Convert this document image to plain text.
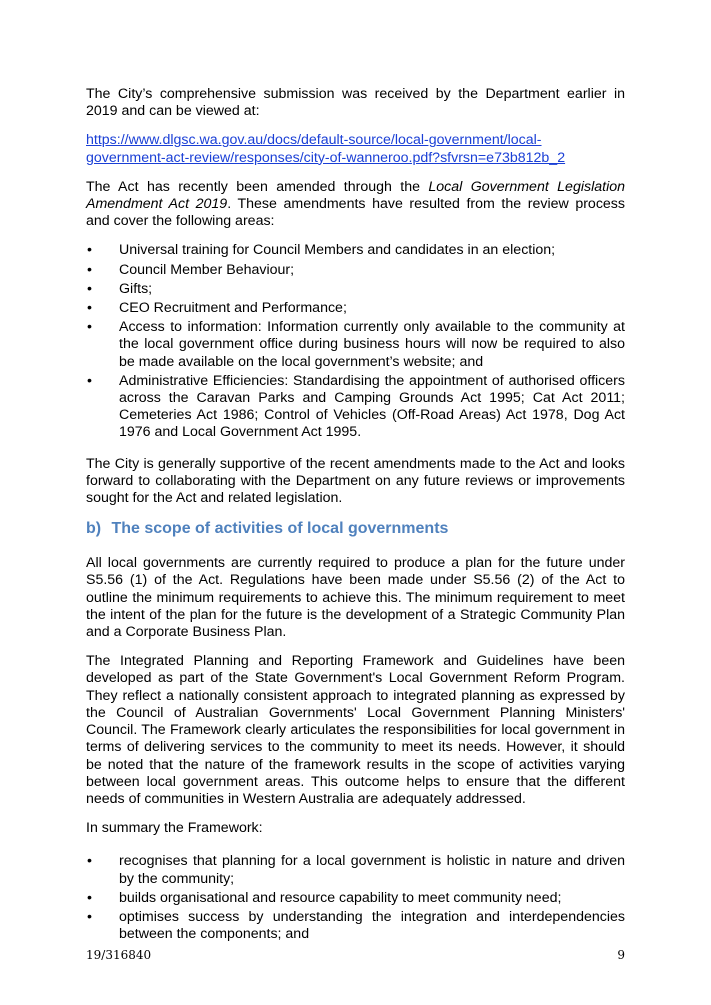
The City’s comprehensive submission was received by the Department earlier in 2019 and can be viewed at:

https://www.dlgsc.wa.gov.au/docs/default-source/local-government/local-
government-act-review/responses/city-of-wanneroo.pdf?sfvrsn=e73b812b_2

The Act has recently been amended through the Local Government Legislation Amendment Act 2019. These amendments have resulted from the review process and cover the following areas:

• Universal training for Council Members and candidates in an election;
• Council Member Behaviour;
• Gifts;
• CEO Recruitment and Performance;
• Access to information: Information currently only available to the community at the local government office during business hours will now be required to also be made available on the local government’s website; and
• Administrative Efficiencies: Standardising the appointment of authorised officers across the Caravan Parks and Camping Grounds Act 1995; Cat Act 2011; Cemeteries Act 1986; Control of Vehicles (Off-Road Areas) Act 1978, Dog Act 1976 and Local Government Act 1995.

The City is generally supportive of the recent amendments made to the Act and looks forward to collaborating with the Department on any future reviews or improvements sought for the Act and related legislation.

b) The scope of activities of local governments

All local governments are currently required to produce a plan for the future under S5.56 (1) of the Act. Regulations have been made under S5.56 (2) of the Act to outline the minimum requirements to achieve this. The minimum requirement to meet the intent of the plan for the future is the development of a Strategic Community Plan and a Corporate Business Plan.

The Integrated Planning and Reporting Framework and Guidelines have been developed as part of the State Government's Local Government Reform Program. They reflect a nationally consistent approach to integrated planning as expressed by the Council of Australian Governments' Local Government Planning Ministers' Council. The Framework clearly articulates the responsibilities for local government in terms of delivering services to the community to meet its needs. However, it should be noted that the nature of the framework results in the scope of activities varying between local government areas. This outcome helps to ensure that the different needs of communities in Western Australia are adequately addressed.

In summary the Framework:

• recognises that planning for a local government is holistic in nature and driven by the community;
• builds organisational and resource capability to meet community need;
• optimises success by understanding the integration and interdependencies between the components; and
19/316840	9
